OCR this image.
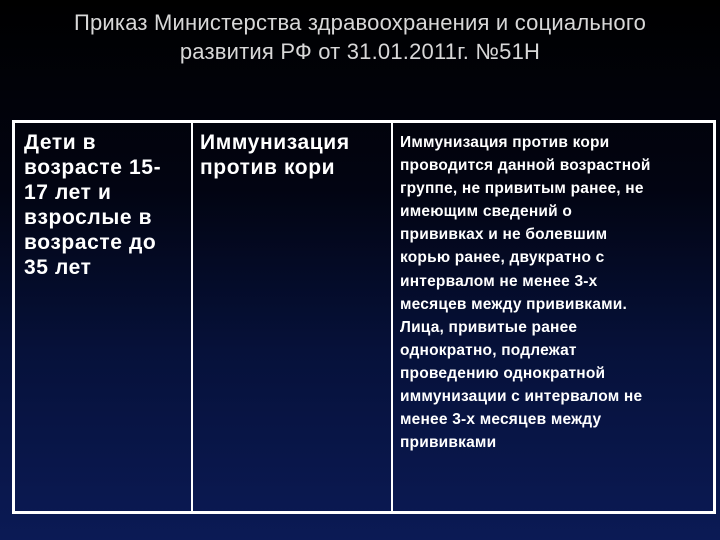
Приказ Министерства здравоохранения и социального
развития РФ от 31.01.2011г. №51Н
Дети в
возрасте 15-
17 лет и
взрослые в
возрасте до
35 лет
Иммунизация
против кори
Иммунизация против кори
проводится данной возрастной
группе, не привитым ранее, не
имеющим сведений о
прививках и не болевшим
корью ранее, двукратно с
интервалом не менее 3-х
месяцев между прививками.
Лица, привитые ранее
однократно, подлежат
проведению однократной
иммунизации с интервалом не
менее 3-х месяцев между
прививками
